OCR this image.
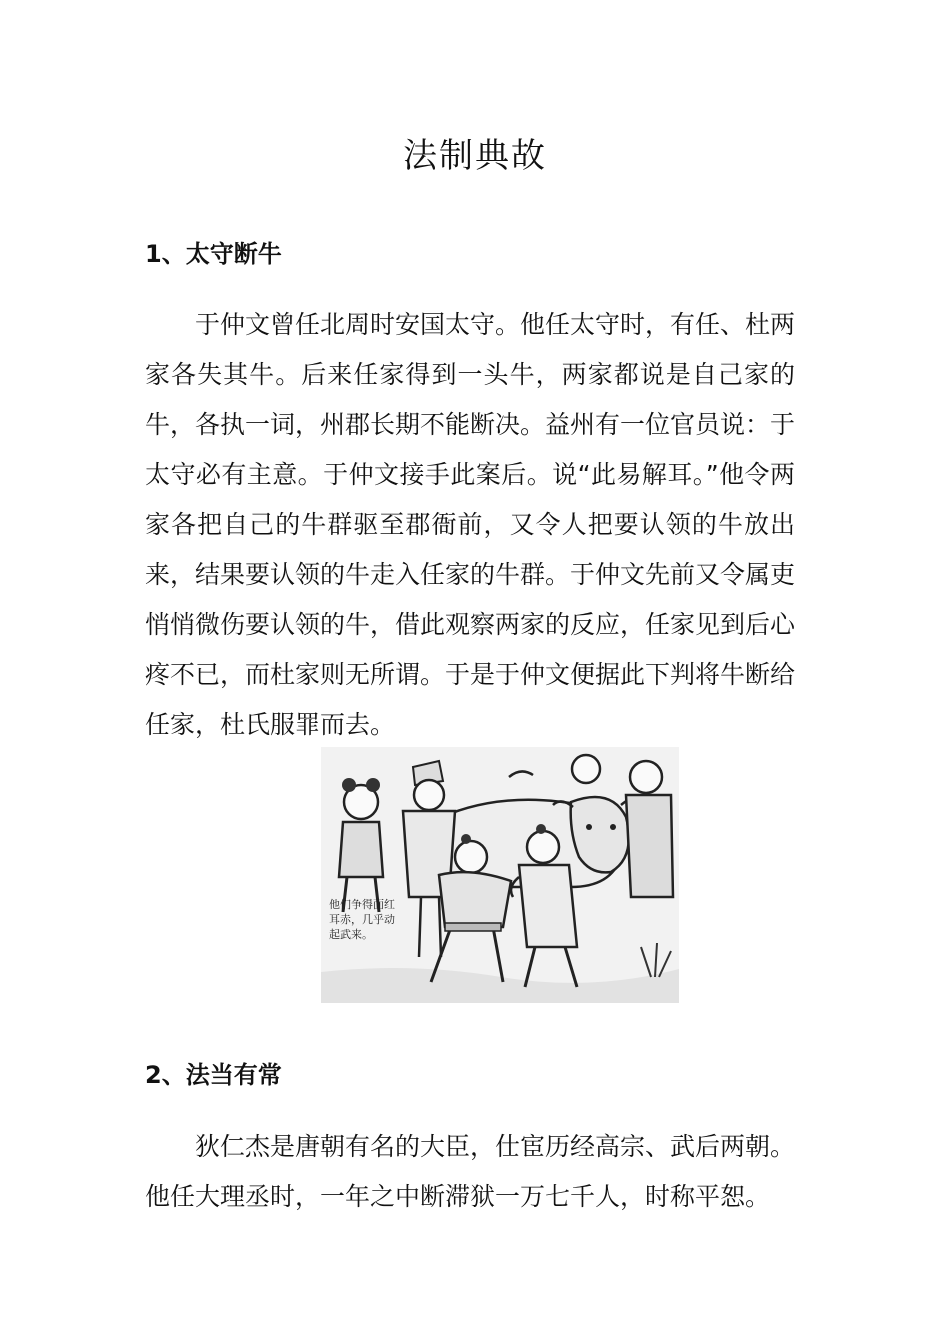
法制典故
1、太守断牛
于仲文曾任北周时安国太守。他任太守时，有任、杜两家各失其牛。后来任家得到一头牛，两家都说是自己家的牛，各执一词，州郡长期不能断决。益州有一位官员说：于太守必有主意。于仲文接手此案后。说“此易解耳。”他令两家各把自己的牛群驱至郡衙前，又令人把要认领的牛放出来，结果要认领的牛走入任家的牛群。于仲文先前又令属吏悄悄微伤要认领的牛，借此观察两家的反应，任家见到后心疼不已，而杜家则无所谓。于是于仲文便据此下判将牛断给任家，杜氏服罪而去。
他们争得面红耳赤，几乎动起武来。
2、法当有常
狄仁杰是唐朝有名的大臣，仕宦历经高宗、武后两朝。他任大理丞时，一年之中断滞狱一万七千人，时称平恕。
